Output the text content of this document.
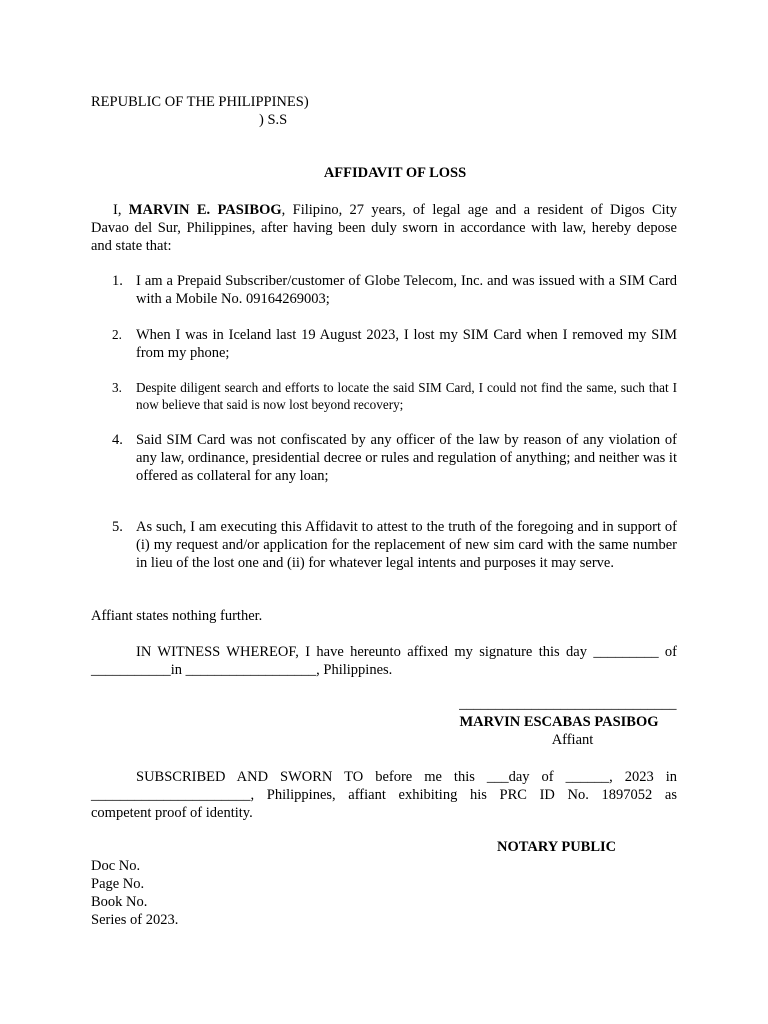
REPUBLIC OF THE PHILIPPINES)
) S.S
AFFIDAVIT OF LOSS
I, MARVIN E. PASIBOG, Filipino, 27 years, of legal age and a resident of Digos City
Davao del Sur, Philippines, after having been duly sworn in accordance with law, hereby depose
and state that:
1. I am a Prepaid Subscriber/customer of Globe Telecom, Inc. and was issued with a SIM Card with a Mobile No. 09164269003;
2. When I was in Iceland last 19 August 2023, I lost my SIM Card when I removed my SIM from my phone;
3.	Despite diligent search and efforts to locate the said SIM Card, I could not find the same, such that I now believe that said is now lost beyond recovery;
4. Said SIM Card was not confiscated by any officer of the law by reason of any violation of any law, ordinance, presidential decree or rules and regulation of anything; and neither was it offered as collateral for any loan;
5. As such, I am executing this Affidavit to attest to the truth of the foregoing and in support of (i) my request and/or application for the replacement of new sim card with the same number in lieu of the lost one and (ii) for whatever legal intents and purposes it may serve.
Affiant states nothing further.
IN WITNESS WHEREOF, I have hereunto affixed my signature this day _________ of
___________in __________________, Philippines.
______________________________
MARVIN ESCABAS PASIBOG
Affiant
SUBSCRIBED AND SWORN TO before me this ___day of ______, 2023 in
______________________, Philippines, affiant exhibiting his PRC ID No. 1897052 as
competent proof of identity.
NOTARY PUBLIC
Doc No.
Page No.
Book No.
Series of 2023.
